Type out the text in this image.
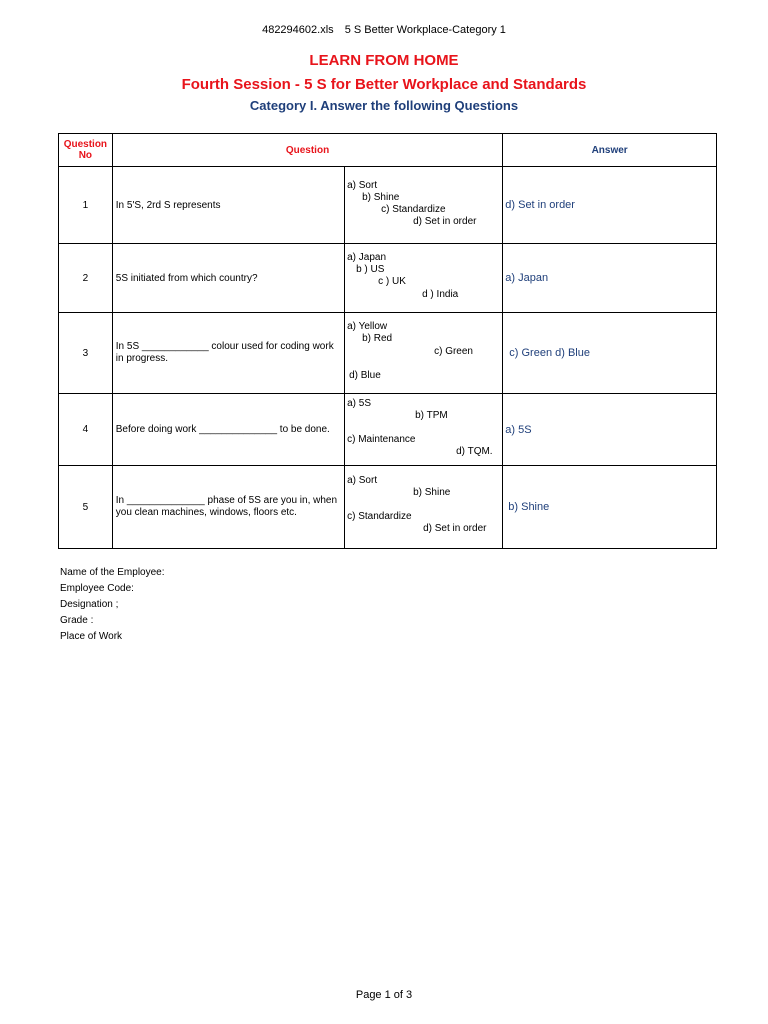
482294602.xls 5 S Better Workplace-Category 1
LEARN FROM HOME
Fourth Session - 5 S for Better Workplace and Standards
Category I. Answer the following Questions
Question No	Question		Answer
1	In 5'S, 2rd S represents	a) Sort
b) Shine
c) Standardize
d) Set in order	d) Set in order
2	5S initiated from which country?	a) Japan
b ) US
c ) UK
d ) India	a) Japan
3	In 5S ____________ colour used for coding work in progress.	a) Yellow
b) Red
c) Green
d) Blue	c) Green d) Blue
4	Before doing work ______________ to be done.	a) 5S
b) TPM
c) Maintenance
d) TQM.	a) 5S
5	In ______________ phase of 5S are you in, when you clean machines, windows, floors etc.	a) Sort
b) Shine
c) Standardize
d) Set in order	b) Shine
Name of the Employee:
Employee Code:
Designation ;
Grade :
Place of Work
Page 1 of 3
